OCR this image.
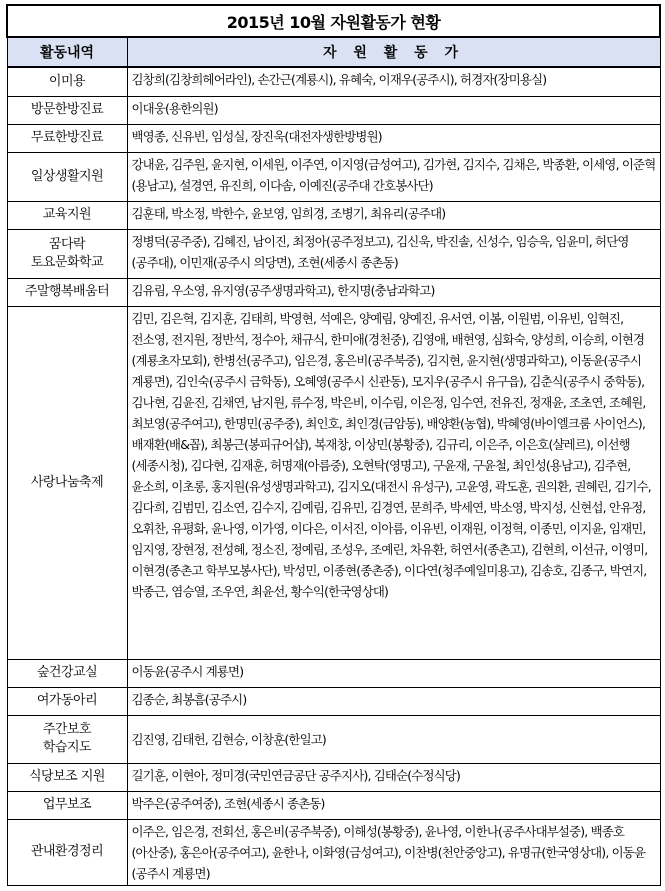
2015년 10월 자원활동가 현황	
활동내역	자 원 활 동 가
이미용	김창희(김창희헤어라인), 손간근(계룡시), 유혜숙, 이재우(공주시), 허경자(장미용실)
방문한방진료	이대웅(용한의원)
무료한방진료	백영종, 신유빈, 임성실, 장진욱(대전자생한방병원)
일상생활지원	강내윤, 김주원, 윤지현, 이세원, 이주연, 이지영(금성여고), 김가현, 김지수, 김채은, 박종환, 이세영, 이준혁(용남고), 설경연, 유진희, 이다솜, 이예진(공주대 간호봉사단)
교육지원	김훈태, 박소정, 박한수, 윤보영, 임희경, 조병기, 최유리(공주대)
꿈다락
토요문화학교	정병덕(공주중), 김혜진, 남이진, 최정아(공주정보고), 김신욱, 박진솔, 신성수, 임승욱, 임윤미, 허단영(공주대), 이민재(공주시 의당면), 조현(세종시 종촌동)
주말행복배움터	김유림, 우소영, 유지영(공주생명과학고), 한지명(충남과학고)
사랑나눔축제	김민, 김은혁, 김지훈, 김태희, 박영현, 석예은, 양예림, 양예진, 유서연, 이봄, 이원범, 이유빈, 임혁진, 전소영, 전지원, 정반석, 정수아, 채규식, 한미애(경천중), 김영애, 배현영, 심화숙, 양성희, 이승희, 이현경(계룡초자모회), 한병선(공주고), 임은경, 홍은비(공주북중), 김지현, 윤지현(생명과학고), 이동윤(공주시 계룡면), 김인숙(공주시 금학동), 오혜영(공주시 신관동), 모지우(공주시 유구읍), 김춘식(공주시 중학동), 김나현, 김윤진, 김채연, 남지원, 류수정, 박은비, 이수림, 이은정, 임수연, 전유진, 정재윤, 조초연, 조혜원, 최보영(공주여고), 한명민(공주중), 최인호, 최인경(금암동), 배양환(농협), 박혜영(바이엘크룸 사이언스), 배재환(배&꼽), 최봉근(봉피규어샵), 복재창, 이상민(봉황중), 김규리, 이은주, 이은호(샬레르), 이선행(세종시청), 김다현, 김재훈, 허명재(아름중), 오현탁(영명고), 구윤재, 구윤철, 최인성(용남고), 김주현, 윤소희, 이초롱, 홍지원(유성생명과학고), 김지오(대전시 유성구), 고윤영, 곽도훈, 권의환, 권혜린, 김기수, 김다희, 김범민, 김소연, 김수지, 김예림, 김유민, 김경연, 문희주, 박세연, 박소영, 박지성, 신현섭, 안유정, 오휘찬, 유평화, 윤나영, 이가영, 이다은, 이서진, 이아름, 이유빈, 이재원, 이정혁, 이종민, 이지윤, 임재민, 임지영, 장현정, 전성혜, 정소진, 정예림, 조성우, 조예린, 차유환, 허연서(종촌고), 김현희, 이선규, 이영미, 이현경(종촌고 학부모봉사단), 박성민, 이종현(종촌중), 이다연(청주예일미용고), 김송호, 김종구, 박연지, 박종근, 염승열, 조우연, 최윤선, 황수익(한국영상대)
숲건강교실	이동윤(공주시 계룡면)
여가동아리	김종순, 최봉흠(공주시)
주간보호
학습지도	김진영, 김태헌, 김현승, 이창훈(한일고)
식당보조 지원	길기훈, 이현아, 정미경(국민연금공단 공주지사), 김태순(수정식당)
업무보조	박주은(공주여중), 조현(세종시 종촌동)
관내환경정리	이주은, 임은경, 전회선, 홍은비(공주북중), 이해성(봉황중), 윤나영, 이한나(공주사대부설중), 백종호(아산중), 홍은아(공주여고), 윤한나, 이화영(금성여고), 이찬병(천안중앙고), 유명규(한국영상대), 이동윤(공주시 계룡면)
